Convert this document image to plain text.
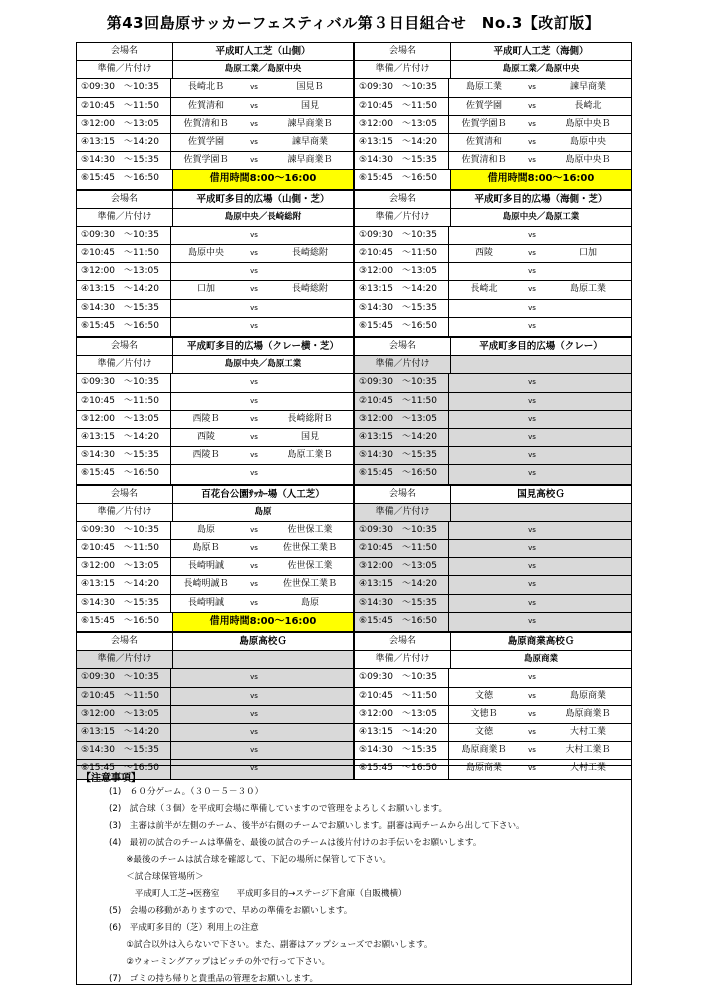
第43回島原サッカーフェスティバル第３日目組合せ　No.3【改訂版】
会場名	平成町人工芝（山側）
準備／片付け	島原工業／島原中央
①09:30　～10:35	長崎北Ｂ	vs	国見Ｂ
②10:45　～11:50	佐賀清和	vs	国見
③12:00　～13:05	佐賀清和Ｂ	vs	諫早商業Ｂ
④13:15　～14:20	佐賀学園	vs	諫早商業
⑤14:30　～15:35	佐賀学園Ｂ	vs	諫早商業Ｂ
⑥15:45　～16:50	借用時間8:00～16:00
会場名	平成町人工芝（海側）
準備／片付け	島原工業／島原中央
①09:30　～10:35	島原工業	vs	諫早商業
②10:45　～11:50	佐賀学園	vs	長崎北
③12:00　～13:05	佐賀学園Ｂ	vs	島原中央Ｂ
④13:15　～14:20	佐賀清和	vs	島原中央
⑤14:30　～15:35	佐賀清和Ｂ	vs	島原中央Ｂ
⑥15:45　～16:50	借用時間8:00～16:00
会場名	平成町多目的広場（山側・芝）
準備／片付け	島原中央／長崎総附
①09:30　～10:35	vs
②10:45　～11:50	島原中央	vs	長崎総附
③12:00　～13:05	vs
④13:15　～14:20	口加	vs	長崎総附
⑤14:30　～15:35	vs
⑥15:45　～16:50	vs
会場名	平成町多目的広場（海側・芝）
準備／片付け	島原中央／島原工業
①09:30　～10:35	vs
②10:45　～11:50	西陵	vs	口加
③12:00　～13:05	vs
④13:15　～14:20	長崎北	vs	島原工業
⑤14:30　～15:35	vs
⑥15:45　～16:50	vs
会場名	平成町多目的広場（クレー横・芝）
準備／片付け	島原中央／島原工業
①09:30　～10:35	vs
②10:45　～11:50	vs
③12:00　～13:05	西陵Ｂ	vs	長崎総附Ｂ
④13:15　～14:20	西陵	vs	国見
⑤14:30　～15:35	西陵Ｂ	vs	島原工業Ｂ
⑥15:45　～16:50	vs
会場名	平成町多目的広場（クレー）
準備／片付け
①09:30　～10:35	vs
②10:45　～11:50	vs
③12:00　～13:05	vs
④13:15　～14:20	vs
⑤14:30　～15:35	vs
⑥15:45　～16:50	vs
会場名	百花台公園ｻｯｶｰ場（人工芝）
準備／片付け	島原
①09:30　～10:35	島原	vs	佐世保工業
②10:45　～11:50	島原Ｂ	vs	佐世保工業Ｂ
③12:00　～13:05	長崎明誠	vs	佐世保工業
④13:15　～14:20	長崎明誠Ｂ	vs	佐世保工業Ｂ
⑤14:30　～15:35	長崎明誠	vs	島原
⑥15:45　～16:50	借用時間8:00～16:00
会場名	国見高校Ｇ
準備／片付け
①09:30　～10:35	vs
②10:45　～11:50	vs
③12:00　～13:05	vs
④13:15　～14:20	vs
⑤14:30　～15:35	vs
⑥15:45　～16:50	vs
会場名	島原高校Ｇ
準備／片付け
①09:30　～10:35	vs
②10:45　～11:50	vs
③12:00　～13:05	vs
④13:15　～14:20	vs
⑤14:30　～15:35	vs
⑥15:45　～16:50	vs
会場名	島原商業高校Ｇ
準備／片付け	島原商業
①09:30　～10:35	vs
②10:45　～11:50	文徳	vs	島原商業
③12:00　～13:05	文徳Ｂ	vs	島原商業Ｂ
④13:15　～14:20	文徳	vs	大村工業
⑤14:30　～15:35	島原商業Ｂ	vs	大村工業Ｂ
⑥15:45　～16:50	島原商業	vs	大村工業
【注意事項】
(1)　６０分ゲーム。（３０－５－３０）
(2)　試合球（３個）を平成町会場に準備していますので管理をよろしくお願いします。
(3)　主審は前半が左側のチーム、後半が右側のチームでお願いします。副審は両チームから出して下さい。
(4)　最初の試合のチームは準備を、最後の試合のチームは後片付けのお手伝いをお願いします。
　　※最後のチームは試合球を確認して、下記の場所に保管して下さい。
　　＜試合球保管場所＞
　　　平成町人工芝→医務室　　平成町多目的→ステージ下倉庫（自販機横）
(5)　会場の移動がありますので、早めの準備をお願いします。
(6)　平成町多目的（芝）利用上の注意
　　①試合以外は入らないで下さい。また、副審はアップシューズでお願いします。
　　②ウォーミングアップはピッチの外で行って下さい。
(7)　ゴミの持ち帰りと貴重品の管理をお願いします。
